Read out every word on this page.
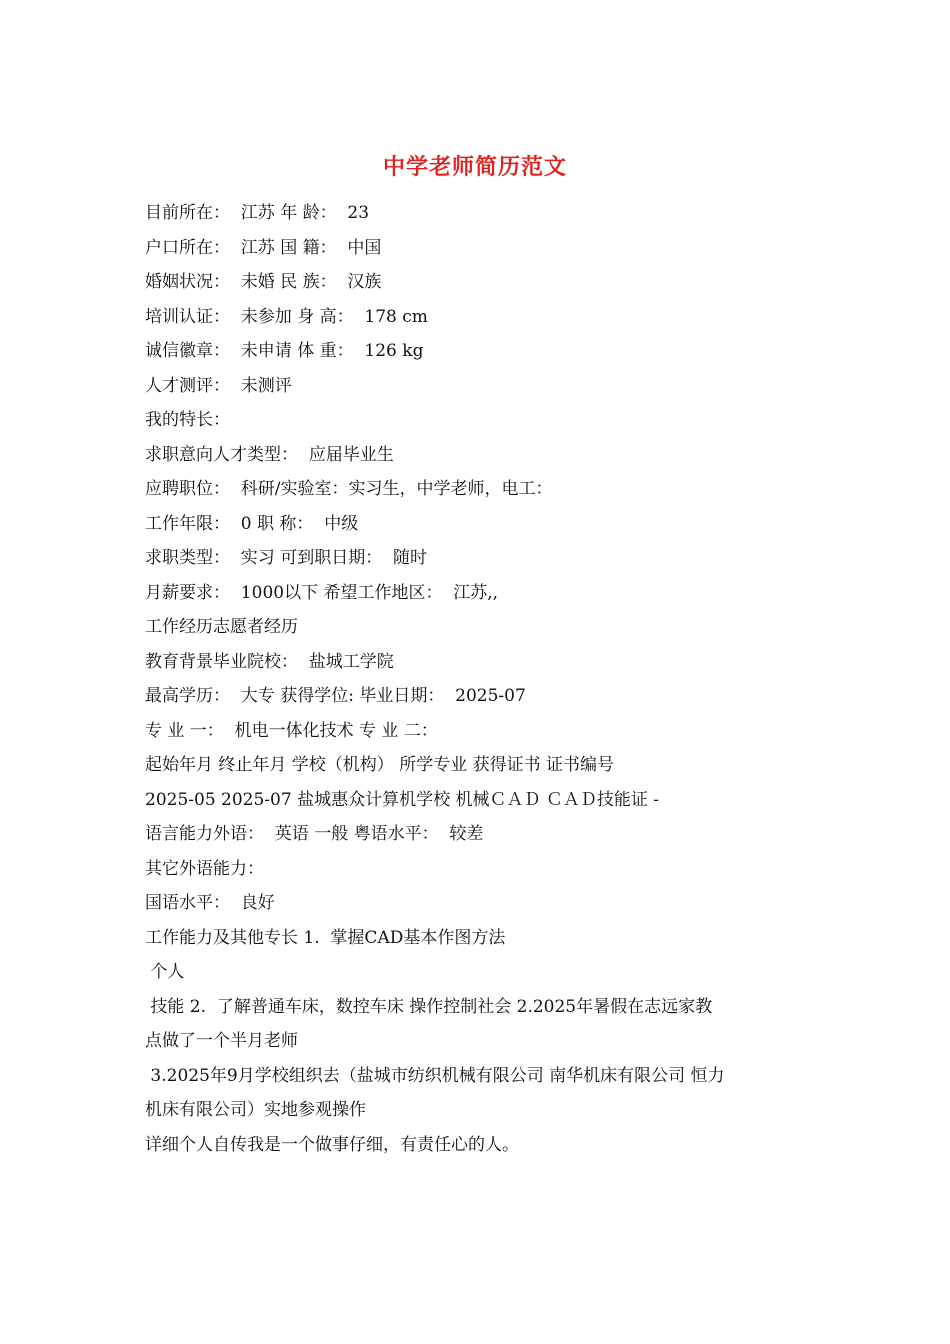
中学老师简历范文
目前所在：  江苏 年 龄：  23
户口所在：  江苏 国 籍：  中国
婚姻状况：  未婚 民 族：  汉族
培训认证：  未参加 身 高：  178 cm
诚信徽章：  未申请 体 重：  126 kg
人才测评：  未测评
我的特长：
求职意向人才类型：  应届毕业生
应聘职位：  科研/实验室：实习生，中学老师，电工：
工作年限：  0 职 称：  中级
求职类型：  实习 可到职日期：  随时
月薪要求：  1000以下 希望工作地区：  江苏,,
工作经历志愿者经历
教育背景毕业院校：  盐城工学院
最高学历：  大专 获得学位: 毕业日期：  2025-07
专 业 一：  机电一体化技术 专 业 二：
起始年月 终止年月 学校（机构） 所学专业 获得证书 证书编号
2025-05 2025-07 盐城惠众计算机学校 机械ＣＡＤ ＣＡＤ技能证 -
语言能力外语：  英语 一般 粤语水平：  较差
其它外语能力：
国语水平：  良好
工作能力及其他专长 1.  掌握CAD基本作图方法
个人
技能 2.  了解普通车床，数控车床 操作控制社会 2.2025年暑假在志远家教
点做了一个半月老师
3.2025年9月学校组织去（盐城市纺织机械有限公司 南华机床有限公司 恒力
机床有限公司）实地参观操作
详细个人自传我是一个做事仔细，有责任心的人。
